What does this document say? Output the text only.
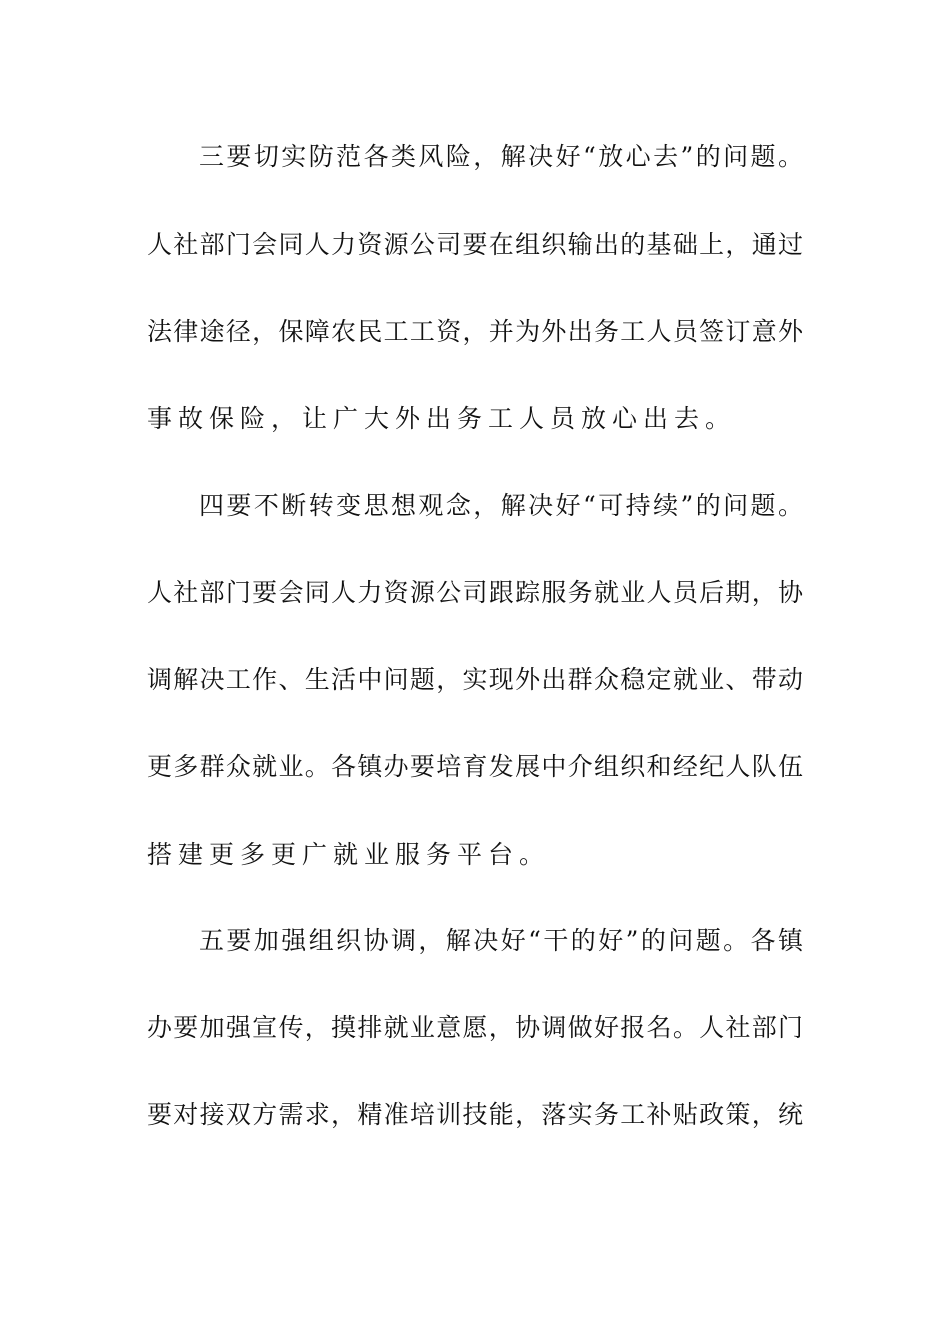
三要切实防范各类风险，解决好“放心去”的问题。
人社部门会同人力资源公司要在组织输出的基础上，通过
法律途径，保障农民工工资，并为外出务工人员签订意外
事故保险，让广大外出务工人员放心出去。
四要不断转变思想观念，解决好“可持续”的问题。
人社部门要会同人力资源公司跟踪服务就业人员后期，协
调解决工作、生活中问题，实现外出群众稳定就业、带动
更多群众就业。各镇办要培育发展中介组织和经纪人队伍
搭建更多更广就业服务平台。
五要加强组织协调，解决好“干的好”的问题。各镇
办要加强宣传，摸排就业意愿，协调做好报名。人社部门
要对接双方需求，精准培训技能，落实务工补贴政策，统
